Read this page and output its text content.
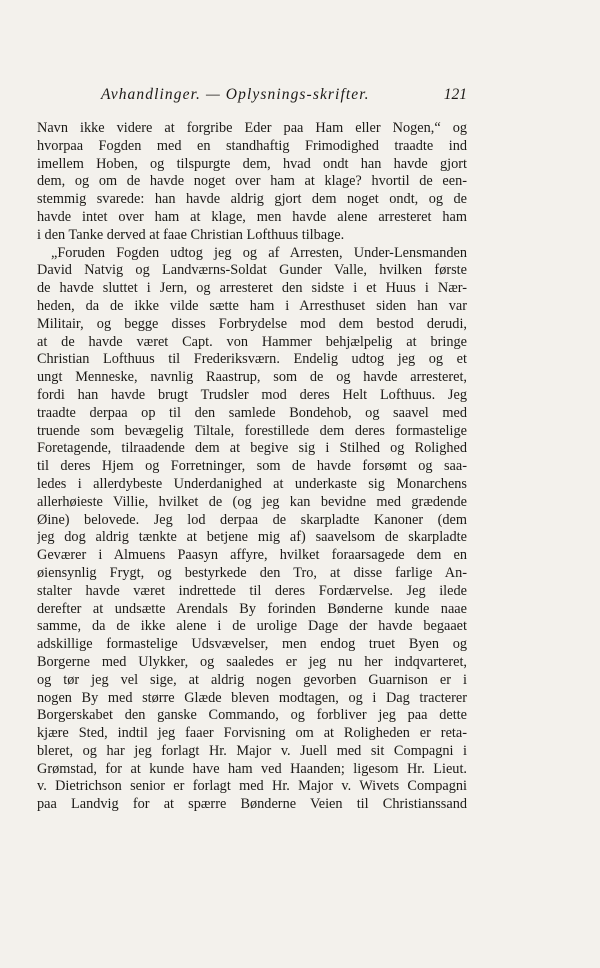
Avhandlinger. — Oplysnings-skrifter.	121
Navn ikke videre at forgribe Eder paa Ham eller Nogen,“ og
hvorpaa Fogden med en standhaftig Frimodighed traadte ind
imellem Hoben, og tilspurgte dem, hvad ondt han havde gjort
dem, og om de havde noget over ham at klage? hvortil de een-
stemmig svarede: han havde aldrig gjort dem noget ondt, og de
havde intet over ham at klage, men havde alene arresteret ham
i den Tanke derved at faae Christian Lofthuus tilbage.
„Foruden Fogden udtog jeg og af Arresten, Under-Lensmanden
David Natvig og Landværns-Soldat Gunder Valle, hvilken første
de havde sluttet i Jern, og arresteret den sidste i et Huus i Nær-
heden, da de ikke vilde sætte ham i Arresthuset siden han var
Militair, og begge disses Forbrydelse mod dem bestod derudi,
at de havde været Capt. von Hammer behjælpelig at bringe
Christian Lofthuus til Frederiksværn. Endelig udtog jeg og et
ungt Menneske, navnlig Raastrup, som de og havde arresteret,
fordi han havde brugt Trudsler mod deres Helt Lofthuus. Jeg
traadte derpaa op til den samlede Bondehob, og saavel med
truende som bevægelig Tiltale, forestillede dem deres formastelige
Foretagende, tilraadende dem at begive sig i Stilhed og Rolighed
til deres Hjem og Forretninger, som de havde forsømt og saa-
ledes i allerdybeste Underdanighed at underkaste sig Monarchens
allerhøieste Villie, hvilket de (og jeg kan bevidne med grædende
Øine) belovede. Jeg lod derpaa de skarpladte Kanoner (dem
jeg dog aldrig tænkte at betjene mig af) saavelsom de skarpladte
Geværer i Almuens Paasyn affyre, hvilket foraarsagede dem en
øiensynlig Frygt, og bestyrkede den Tro, at disse farlige An-
stalter havde været indrettede til deres Fordærvelse. Jeg ilede
derefter at undsætte Arendals By forinden Bønderne kunde naae
samme, da de ikke alene i de urolige Dage der havde begaaet
adskillige formastelige Udsvævelser, men endog truet Byen og
Borgerne med Ulykker, og saaledes er jeg nu her indqvarteret,
og tør jeg vel sige, at aldrig nogen gevorben Guarnison er i
nogen By med større Glæde bleven modtagen, og i Dag tracterer
Borgerskabet den ganske Commando, og forbliver jeg paa dette
kjære Sted, indtil jeg faaer Forvisning om at Roligheden er reta-
bleret, og har jeg forlagt Hr. Major v. Juell med sit Compagni i
Grømstad, for at kunde have ham ved Haanden; ligesom Hr. Lieut.
v. Dietrichson senior er forlagt med Hr. Major v. Wivets Compagni
paa Landvig for at spærre Bønderne Veien til Christianssand
